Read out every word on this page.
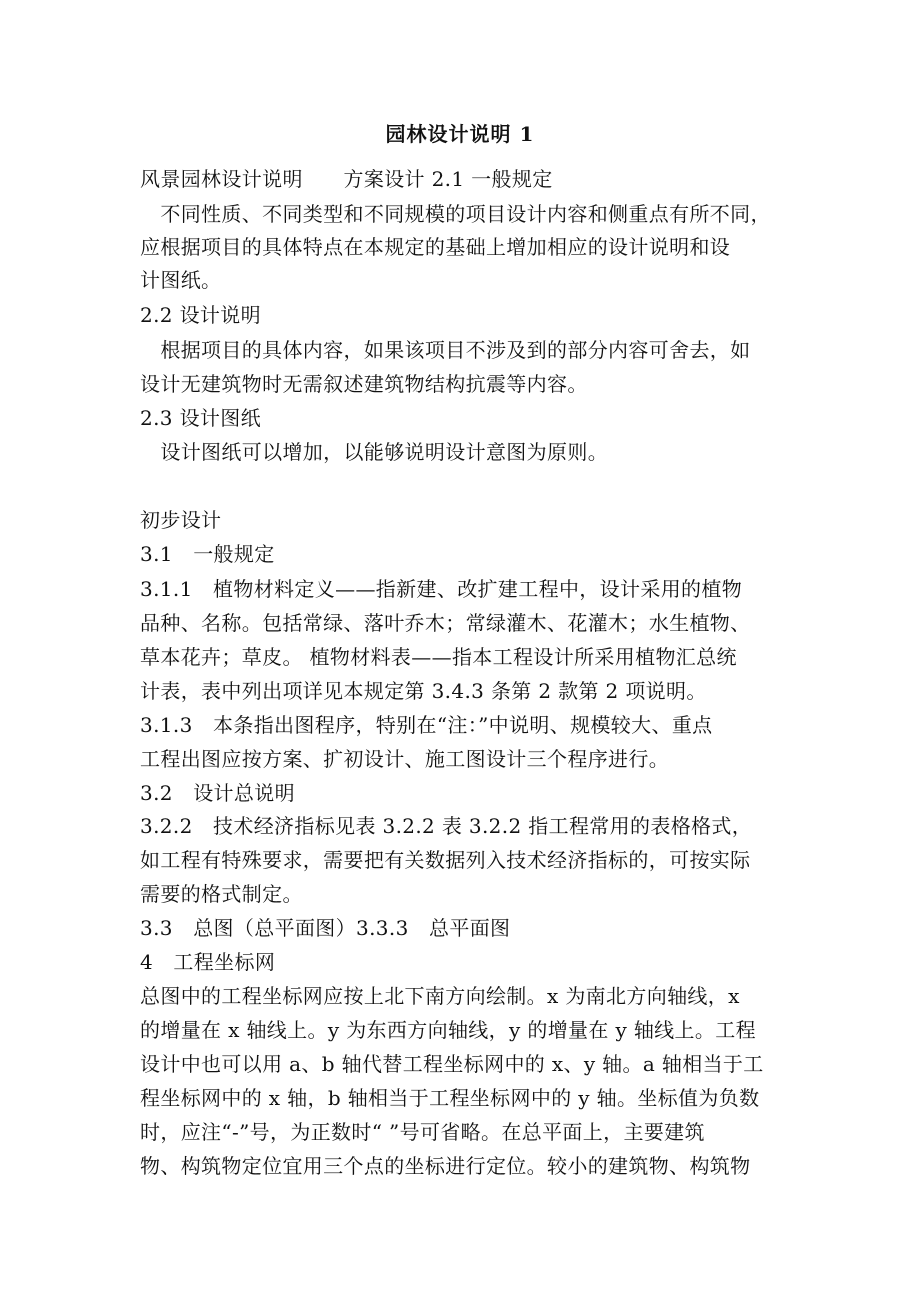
园林设计说明 1
风景园林设计说明　　方案设计 2.1 一般规定
　不同性质、不同类型和不同规模的项目设计内容和侧重点有所不同，
应根据项目的具体特点在本规定的基础上增加相应的设计说明和设
计图纸。
2.2 设计说明
　根据项目的具体内容，如果该项目不涉及到的部分内容可舍去，如
设计无建筑物时无需叙述建筑物结构抗震等内容。
2.3 设计图纸
　设计图纸可以增加，以能够说明设计意图为原则。
初步设计
3.1　一般规定
3.1.1　植物材料定义——指新建、改扩建工程中，设计采用的植物
品种、名称。包括常绿、落叶乔木；常绿灌木、花灌木；水生植物、
草本花卉；草皮。 植物材料表——指本工程设计所采用植物汇总统
计表，表中列出项详见本规定第 3.4.3 条第 2 款第 2 项说明。
3.1.3　本条指出图程序，特别在“注：”中说明、规模较大、重点
工程出图应按方案、扩初设计、施工图设计三个程序进行。
3.2　设计总说明
3.2.2　技术经济指标见表 3.2.2 表 3.2.2 指工程常用的表格格式，
如工程有特殊要求，需要把有关数据列入技术经济指标的，可按实际
需要的格式制定。
3.3　总图（总平面图）3.3.3　总平面图
4　工程坐标网
总图中的工程坐标网应按上北下南方向绘制。x 为南北方向轴线，x
的增量在 x 轴线上。y 为东西方向轴线，y 的增量在 y 轴线上。工程
设计中也可以用 a、b 轴代替工程坐标网中的 x、y 轴。a 轴相当于工
程坐标网中的 x 轴，b 轴相当于工程坐标网中的 y 轴。坐标值为负数
时，应注“-”号，为正数时“ ”号可省略。在总平面上，主要建筑
物、构筑物定位宜用三个点的坐标进行定位。较小的建筑物、构筑物
